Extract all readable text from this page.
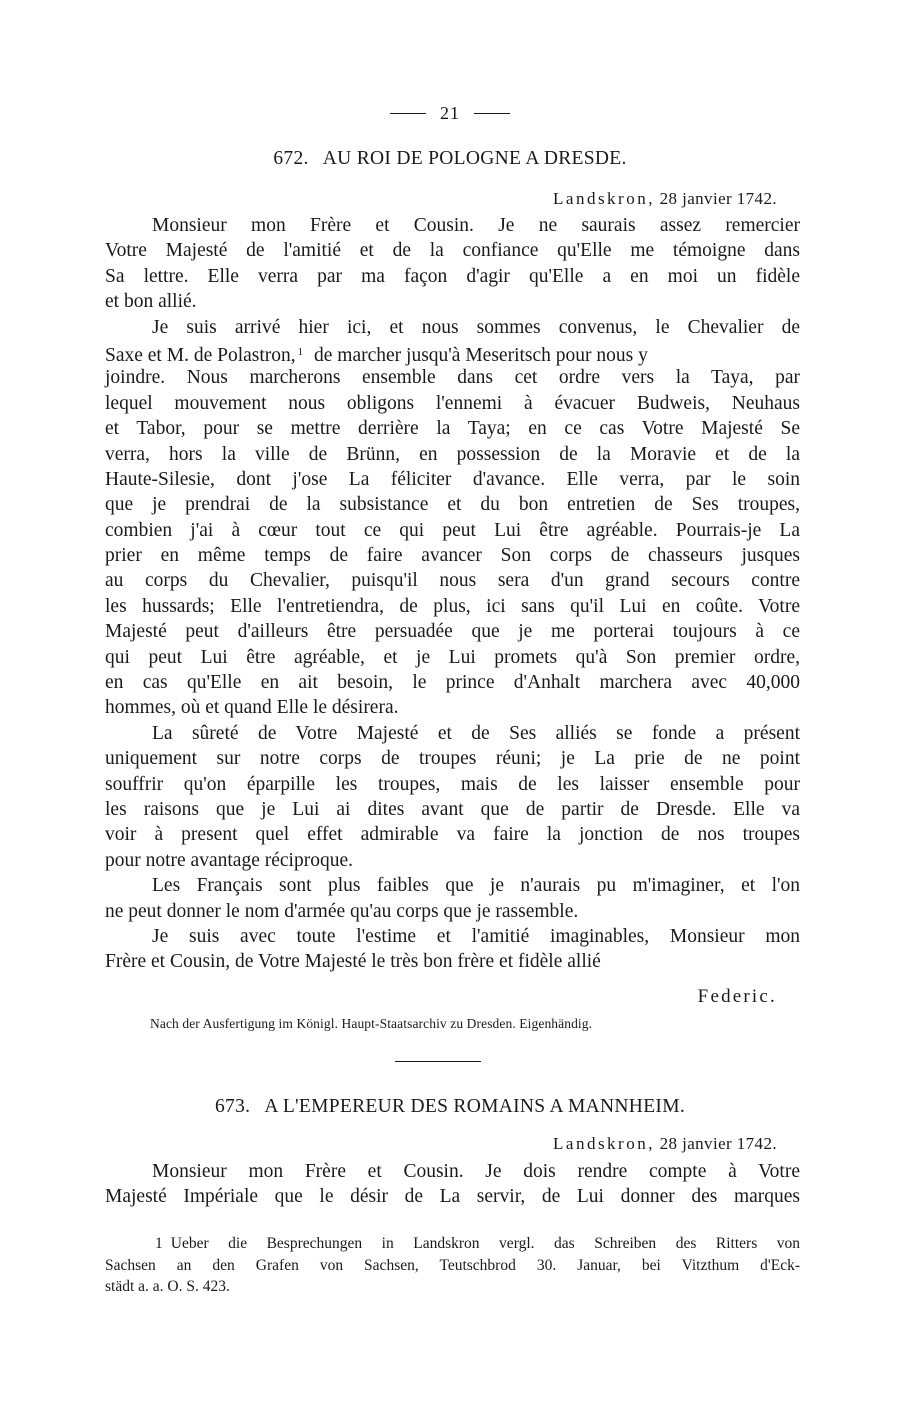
21
672. AU ROI DE POLOGNE A DRESDE.
Landskron, 28 janvier 1742.
Monsieur mon Frère et Cousin. Je ne saurais assez remercier
Votre Majesté de l'amitié et de la confiance qu'Elle me témoigne dans
Sa lettre. Elle verra par ma façon d'agir qu'Elle a en moi un fidèle
et bon allié.
Je suis arrivé hier ici, et nous sommes convenus, le Chevalier de
Saxe et M. de Polastron, $^1$ de marcher jusqu'à Meseritsch pour nous y
joindre. Nous marcherons ensemble dans cet ordre vers la Taya, par
lequel mouvement nous obligons l'ennemi à évacuer Budweis, Neuhaus
et Tabor, pour se mettre derrière la Taya; en ce cas Votre Majesté Se
verra, hors la ville de Brünn, en possession de la Moravie et de la
Haute-Silesie, dont j'ose La féliciter d'avance. Elle verra, par le soin
que je prendrai de la subsistance et du bon entretien de Ses troupes,
combien j'ai à cœur tout ce qui peut Lui être agréable. Pourrais-je La
prier en même temps de faire avancer Son corps de chasseurs jusques
au corps du Chevalier, puisqu'il nous sera d'un grand secours contre
les hussards; Elle l'entretiendra, de plus, ici sans qu'il Lui en coûte. Votre
Majesté peut d'ailleurs être persuadée que je me porterai toujours à ce
qui peut Lui être agréable, et je Lui promets qu'à Son premier ordre,
en cas qu'Elle en ait besoin, le prince d'Anhalt marchera avec 40,000
hommes, où et quand Elle le désirera.
La sûreté de Votre Majesté et de Ses alliés se fonde a présent
uniquement sur notre corps de troupes réuni; je La prie de ne point
souffrir qu'on éparpille les troupes, mais de les laisser ensemble pour
les raisons que je Lui ai dites avant que de partir de Dresde. Elle va
voir à present quel effet admirable va faire la jonction de nos troupes
pour notre avantage réciproque.
Les Français sont plus faibles que je n'aurais pu m'imaginer, et l'on
ne peut donner le nom d'armée qu'au corps que je rassemble.
Je suis avec toute l'estime et l'amitié imaginables, Monsieur mon
Frère et Cousin, de Votre Majesté le très bon frère et fidèle allié
Federic.
Nach der Ausfertigung im Königl. Haupt-Staatsarchiv zu Dresden. Eigenhändig.
673. A L'EMPEREUR DES ROMAINS A MANNHEIM.
Landskron, 28 janvier 1742.
Monsieur mon Frère et Cousin. Je dois rendre compte à Votre
Majesté Impériale que le désir de La servir, de Lui donner des marques
1 Ueber die Besprechungen in Landskron vergl. das Schreiben des Ritters von
Sachsen an den Grafen von Sachsen, Teutschbrod 30. Januar, bei Vitzthum d'Eck-
städt a. a. O. S. 423.
